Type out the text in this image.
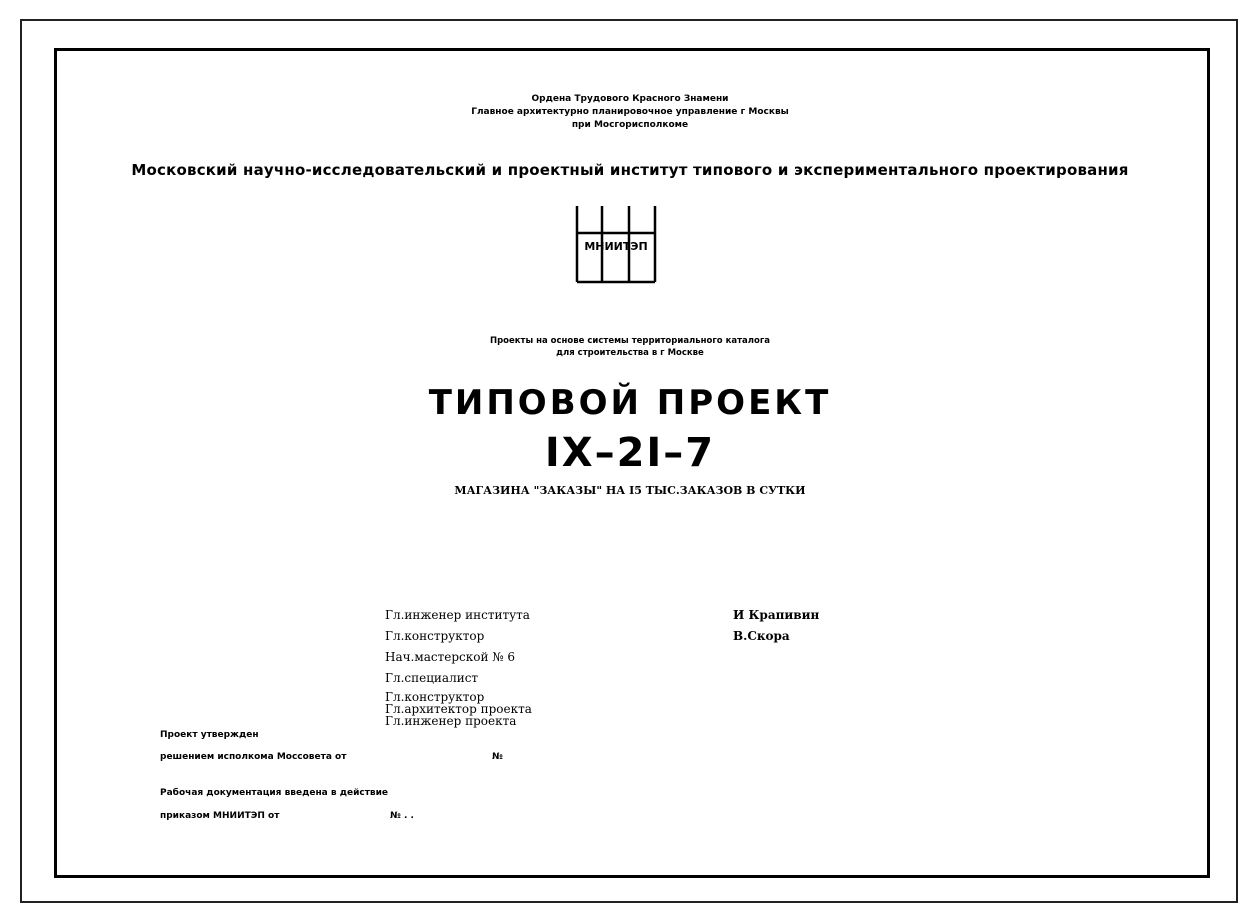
Ордена Трудового Красного Знамени
Главное архитектурно планировочное управление г Москвы
при Мосгорисполкоме
Московский научно-исследовательский и проектный институт типового и экспериментального проектирования
МНИИТЭП
Проекты на основе системы территориального каталога
для строительства в г Москве
ТИПОВОЙ ПРОЕКТ
IX–2I–7
МАГАЗИНА "ЗАКАЗЫ" НА I5 ТЫС.ЗАКАЗОВ В СУТКИ
Гл.инженер института
Гл.конструктор
Нач.мастерской № 6
Гл.специалист
Гл.конструктор
Гл.архитектор проекта
Гл.инженер проекта
И Крапивин
В.Скора
Проект утвержден
решением исполкома Моссовета от	№
Рабочая документация введена в действие
приказом МНИИТЭП от	№ . .
